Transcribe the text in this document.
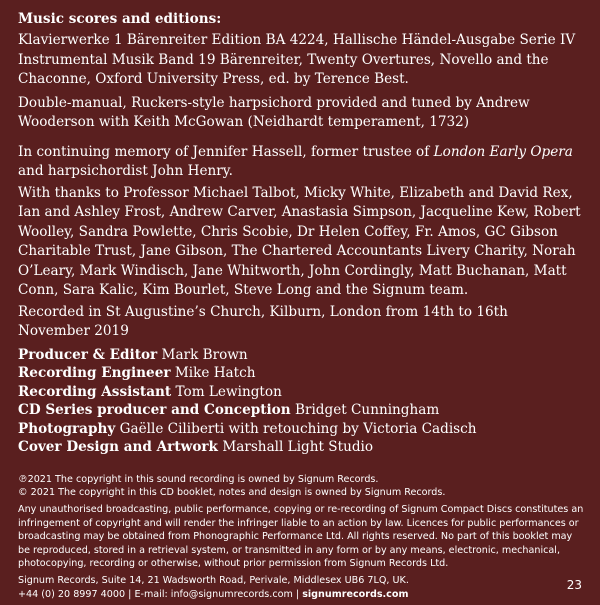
Music scores and editions:

Klavierwerke 1 Bärenreiter Edition BA 4224, Hallische Händel-Ausgabe Serie IV Instrumental Musik Band 19 Bärenreiter, Twenty Overtures, Novello and the Chaconne, Oxford University Press, ed. by Terence Best.

Double-manual, Ruckers-style harpsichord provided and tuned by Andrew Wooderson with Keith McGowan (Neidhardt temperament, 1732)

In continuing memory of Jennifer Hassell, former trustee of London Early Opera and harpsichordist John Henry.

With thanks to Professor Michael Talbot, Micky White, Elizabeth and David Rex, Ian and Ashley Frost, Andrew Carver, Anastasia Simpson, Jacqueline Kew, Robert Woolley, Sandra Powlette, Chris Scobie, Dr Helen Coffey, Fr. Amos, GC Gibson Charitable Trust, Jane Gibson, The Chartered Accountants Livery Charity, Norah O’Leary, Mark Windisch, Jane Whitworth, John Cordingly, Matt Buchanan, Matt Conn, Sara Kalic, Kim Bourlet, Steve Long and the Signum team.

Recorded in St Augustine’s Church, Kilburn, London from 14th to 16th November 2019

Producer & Editor Mark Brown
Recording Engineer Mike Hatch
Recording Assistant Tom Lewington
CD Series producer and Conception Bridget Cunningham
Photography Gaëlle Ciliberti with retouching by Victoria Cadisch
Cover Design and Artwork Marshall Light Studio

℗2021 The copyright in this sound recording is owned by Signum Records.
© 2021 The copyright in this CD booklet, notes and design is owned by Signum Records.

Any unauthorised broadcasting, public performance, copying or re-recording of Signum Compact Discs constitutes an infringement of copyright and will render the infringer liable to an action by law. Licences for public performances or broadcasting may be obtained from Phonographic Performance Ltd. All rights reserved. No part of this booklet may be reproduced, stored in a retrieval system, or transmitted in any form or by any means, electronic, mechanical, photocopying, recording or otherwise, without prior permission from Signum Records Ltd.

Signum Records, Suite 14, 21 Wadsworth Road, Perivale, Middlesex UB6 7LQ, UK.
+44 (0) 20 8997 4000 | E-mail: info@signumrecords.com | signumrecords.com

23
